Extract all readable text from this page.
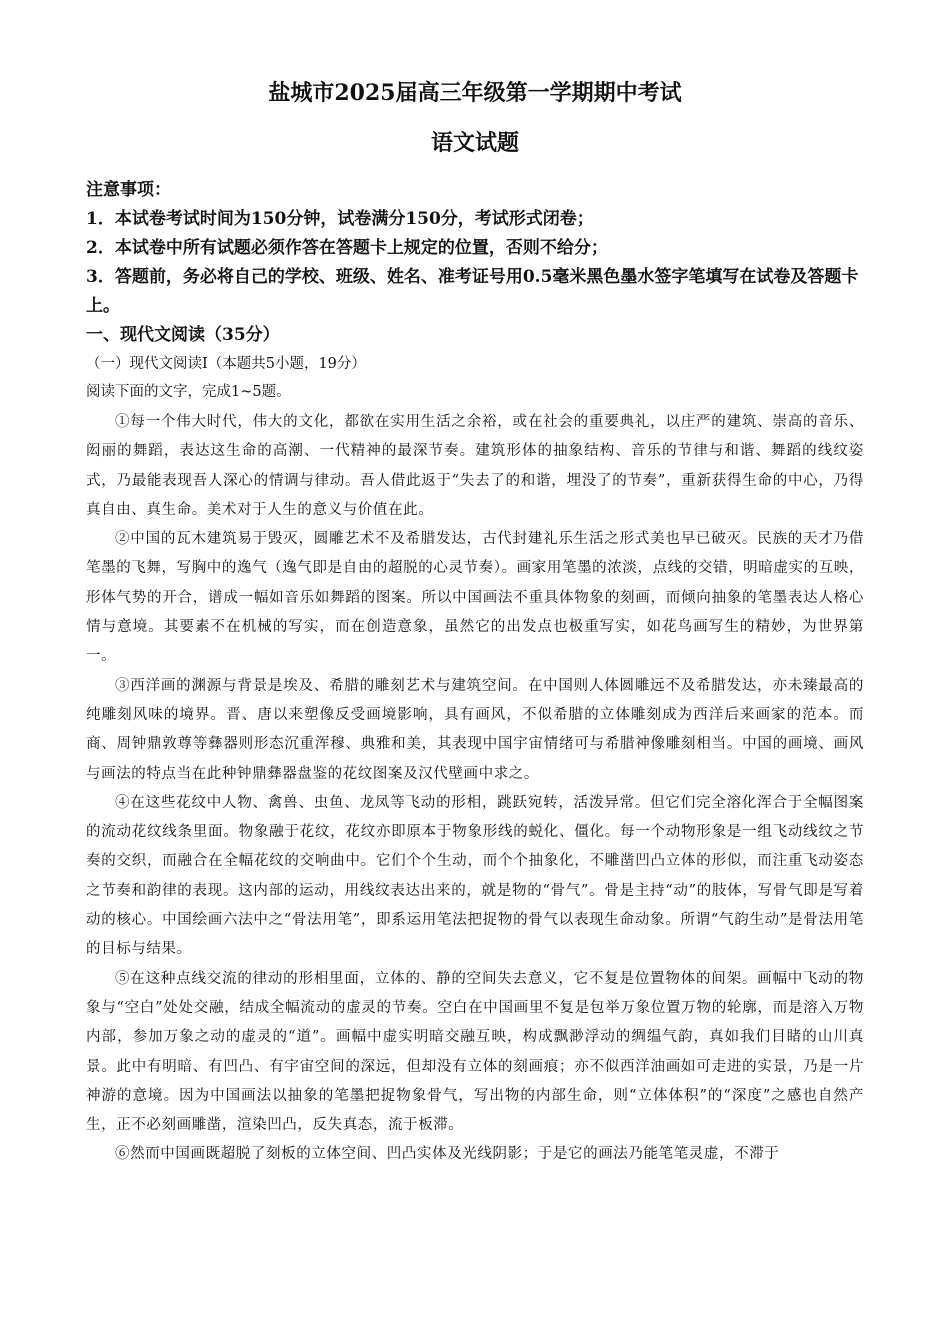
盐城市2025届高三年级第一学期期中考试
语文试题
注意事项：
1．本试卷考试时间为150分钟，试卷满分150分，考试形式闭卷；
2．本试卷中所有试题必须作答在答题卡上规定的位置，否则不给分；
3．答题前，务必将自己的学校、班级、姓名、准考证号用0.5毫米黑色墨水签字笔填写在试卷及答题卡上。
一、现代文阅读（35分）
（一）现代文阅读I（本题共5小题，19分）
阅读下面的文字，完成1~5题。

①每一个伟大时代，伟大的文化，都欲在实用生活之余裕，或在社会的重要典礼，以庄严的建筑、崇高的音乐、闳丽的舞蹈，表达这生命的高潮、一代精神的最深节奏。建筑形体的抽象结构、音乐的节律与和谐、舞蹈的线纹姿式，乃最能表现吾人深心的情调与律动。吾人借此返于“失去了的和谐，埋没了的节奏”，重新获得生命的中心，乃得真自由、真生命。美术对于人生的意义与价值在此。

②中国的瓦木建筑易于毁灭，圆雕艺术不及希腊发达，古代封建礼乐生活之形式美也早已破灭。民族的天才乃借笔墨的飞舞，写胸中的逸气（逸气即是自由的超脱的心灵节奏）。画家用笔墨的浓淡，点线的交错，明暗虚实的互映，形体气势的开合，谱成一幅如音乐如舞蹈的图案。所以中国画法不重具体物象的刻画，而倾向抽象的笔墨表达人格心情与意境。其要素不在机械的写实，而在创造意象，虽然它的出发点也极重写实，如花鸟画写生的精妙，为世界第一。

③西洋画的渊源与背景是埃及、希腊的雕刻艺术与建筑空间。在中国则人体圆雕远不及希腊发达，亦未臻最高的纯雕刻风味的境界。晋、唐以来塑像反受画境影响，具有画风，不似希腊的立体雕刻成为西洋后来画家的范本。而商、周钟鼎敦尊等彝器则形态沉重浑穆、典雅和美，其表现中国宇宙情绪可与希腊神像雕刻相当。中国的画境、画风与画法的特点当在此种钟鼎彝器盘鉴的花纹图案及汉代壁画中求之。

④在这些花纹中人物、禽兽、虫鱼、龙凤等飞动的形相，跳跃宛转，活泼异常。但它们完全溶化浑合于全幅图案的流动花纹线条里面。物象融于花纹，花纹亦即原本于物象形线的蜕化、僵化。每一个动物形象是一组飞动线纹之节奏的交织，而融合在全幅花纹的交响曲中。它们个个生动，而个个抽象化，不雕凿凹凸立体的形似，而注重飞动姿态之节奏和韵律的表现。这内部的运动，用线纹表达出来的，就是物的“骨气”。骨是主持“动”的肢体，写骨气即是写着动的核心。中国绘画六法中之“骨法用笔”，即系运用笔法把捉物的骨气以表现生命动象。所谓“气韵生动”是骨法用笔的目标与结果。

⑤在这种点线交流的律动的形相里面，立体的、静的空间失去意义，它不复是位置物体的间架。画幅中飞动的物象与“空白”处处交融，结成全幅流动的虚灵的节奏。空白在中国画里不复是包举万象位置万物的轮廓，而是溶入万物内部，参加万象之动的虚灵的“道”。画幅中虚实明暗交融互映，构成飘渺浮动的绸缊气韵，真如我们目睹的山川真景。此中有明暗、有凹凸、有宇宙空间的深远，但却没有立体的刻画痕；亦不似西洋油画如可走进的实景，乃是一片神游的意境。因为中国画法以抽象的笔墨把捉物象骨气，写出物的内部生命，则“立体体积”的“深度”之感也自然产生，正不必刻画雕凿，渲染凹凸，反失真态，流于板滞。

⑥然而中国画既超脱了刻板的立体空间、凹凸实体及光线阴影；于是它的画法乃能笔笔灵虚，不滞于
